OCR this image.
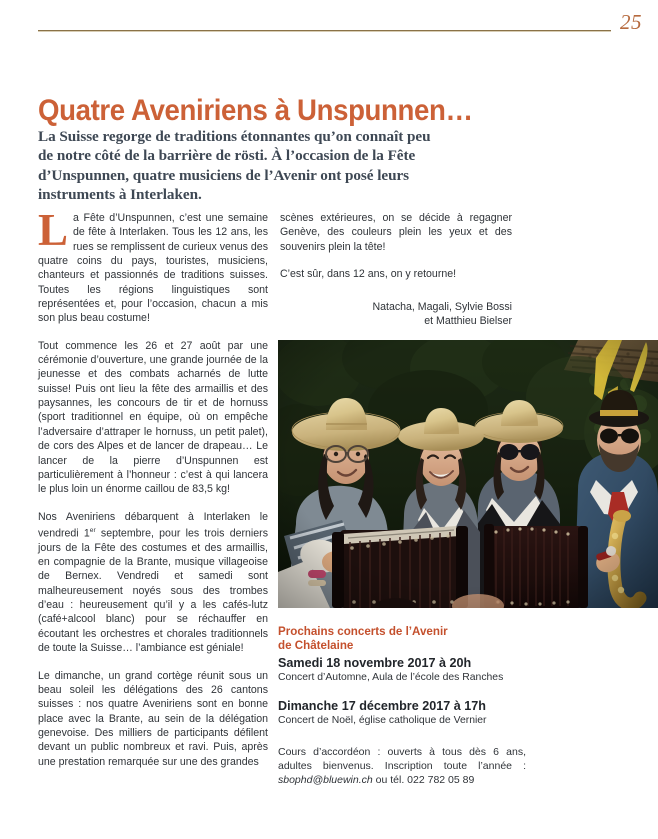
25
Quatre Aveniriens à Unspunnen…
La Suisse regorge de traditions étonnantes qu’on connaît peu de notre côté de la barrière de rösti. À l’occasion de la Fête d’Unspunnen, quatre musiciens de l’Avenir ont posé leurs instruments à Interlaken.

La Fête d’Unspunnen, c’est une semaine de fête à Interlaken. Tous les 12 ans, les rues se remplissent de curieux venus des quatre coins du pays, touristes, musiciens, chanteurs et passionnés de traditions suisses. Toutes les régions linguistiques sont représentées et, pour l’occasion, chacun a mis son plus beau costume!

Tout commence les 26 et 27 août par une cérémonie d’ouverture, une grande journée de la jeunesse et des combats acharnés de lutte suisse! Puis ont lieu la fête des armaillis et des paysannes, les concours de tir et de hornuss (sport traditionnel en équipe, où on empêche l’adversaire d’attraper le hornuss, un petit palet), de cors des Alpes et de lancer de drapeau… Le lancer de la pierre d’Unspunnen est particulièrement à l’honneur : c’est à qui lancera le plus loin un énorme caillou de 83,5 kg!

Nos Aveniriens débarquent à Interlaken le vendredi 1er septembre, pour les trois derniers jours de la Fête des costumes et des armaillis, en compagnie de la Brante, musique villageoise de Bernex. Vendredi et samedi sont malheureusement noyés sous des trombes d’eau : heureusement qu’il y a les cafés-lutz (café+alcool blanc) pour se réchauffer en écoutant les orchestres et chorales traditionnels de toute la Suisse… l’ambiance est géniale!

Le dimanche, un grand cortège réunit sous un beau soleil les délégations des 26 cantons suisses : nos quatre Aveniriens sont en bonne place avec la Brante, au sein de la délégation genevoise. Des milliers de participants défilent devant un public nombreux et ravi. Puis, après une prestation remarquée sur une des grandes

scènes extérieures, on se décide à regagner Genève, des couleurs plein les yeux et des souvenirs plein la tête!

C’est sûr, dans 12 ans, on y retourne!

Natacha, Magali, Sylvie Bossi
et Matthieu Bielser
Prochains concerts de l’Avenir
de Châtelaine
Samedi 18 novembre 2017 à 20h
Concert d’Automne, Aula de l’école des Ranches
Dimanche 17 décembre 2017 à 17h
Concert de Noël, église catholique de Vernier
Cours d’accordéon : ouverts à tous dès 6 ans, adultes bienvenus. Inscription toute l’année : sbophd@bluewin.ch ou tél. 022 782 05 89
